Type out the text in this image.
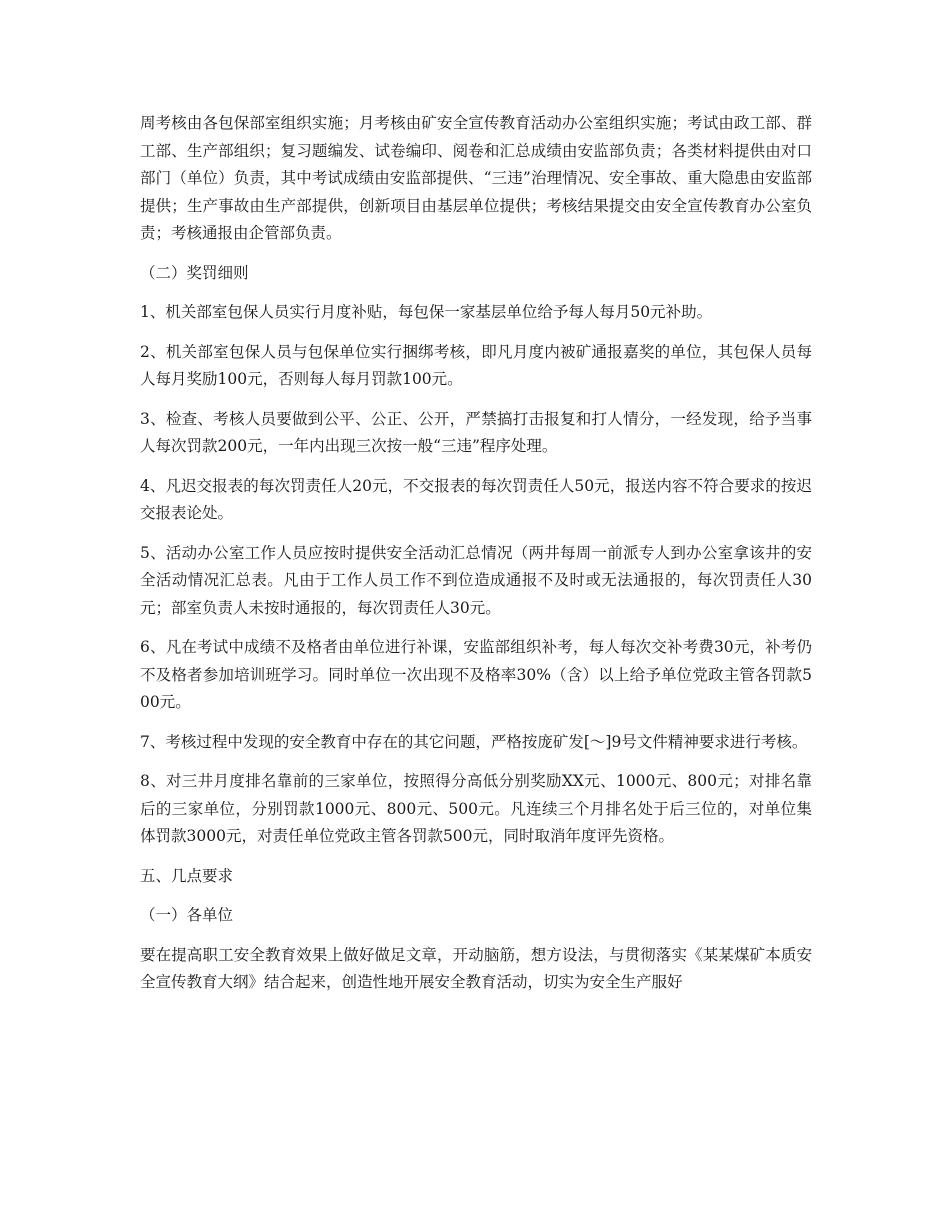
周考核由各包保部室组织实施；月考核由矿安全宣传教育活动办公室组织实施；考试由政工部、群工部、生产部组织；复习题编发、试卷编印、阅卷和汇总成绩由安监部负责；各类材料提供由对口部门（单位）负责，其中考试成绩由安监部提供、“三违”治理情况、安全事故、重大隐患由安监部提供；生产事故由生产部提供，创新项目由基层单位提供；考核结果提交由安全宣传教育办公室负责；考核通报由企管部负责。

（二）奖罚细则

1、机关部室包保人员实行月度补贴，每包保一家基层单位给予每人每月50元补助。

2、机关部室包保人员与包保单位实行捆绑考核，即凡月度内被矿通报嘉奖的单位，其包保人员每人每月奖励100元，否则每人每月罚款100元。

3、检查、考核人员要做到公平、公正、公开，严禁搞打击报复和打人情分，一经发现，给予当事人每次罚款200元，一年内出现三次按一般“三违”程序处理。

4、凡迟交报表的每次罚责任人20元，不交报表的每次罚责任人50元，报送内容不符合要求的按迟交报表论处。

5、活动办公室工作人员应按时提供安全活动汇总情况（两井每周一前派专人到办公室拿该井的安全活动情况汇总表。凡由于工作人员工作不到位造成通报不及时或无法通报的，每次罚责任人30元；部室负责人未按时通报的，每次罚责任人30元。

6、凡在考试中成绩不及格者由单位进行补课，安监部组织补考，每人每次交补考费30元，补考仍不及格者参加培训班学习。同时单位一次出现不及格率30%（含）以上给予单位党政主管各罚款500元。

7、考核过程中发现的安全教育中存在的其它问题，严格按庞矿发[～]9号文件精神要求进行考核。

8、对三井月度排名靠前的三家单位，按照得分高低分别奖励XX元、1000元、800元；对排名靠后的三家单位，分别罚款1000元、800元、500元。凡连续三个月排名处于后三位的，对单位集体罚款3000元，对责任单位党政主管各罚款500元，同时取消年度评先资格。

五、几点要求

（一）各单位

要在提高职工安全教育效果上做好做足文章，开动脑筋，想方设法，与贯彻落实《某某煤矿本质安全宣传教育大纲》结合起来，创造性地开展安全教育活动，切实为安全生产服好
